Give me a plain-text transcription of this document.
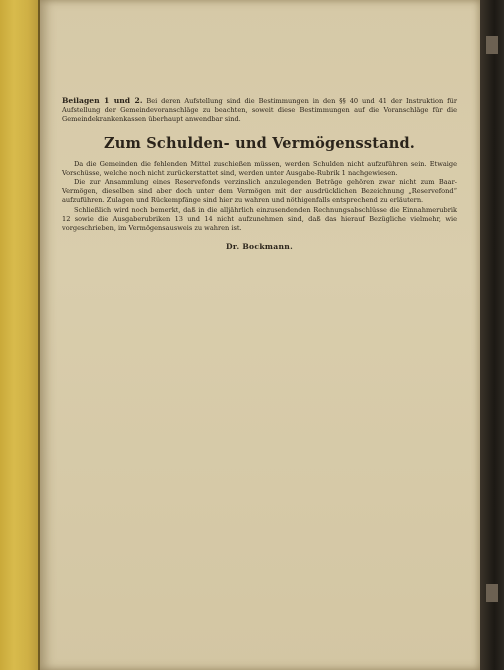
Beilagen 1 und 2. Bei deren Aufstellung sind die Bestimmungen in den §§ 40 und 41 der Instruktion für Aufstellung der Gemeindevoranschläge zu beachten, soweit diese Bestimmungen auf die Voranschläge für die Gemeindekrankenkassen überhaupt anwendbar sind.

Zum Schulden- und Vermögensstand.

Da die Gemeinden die fehlenden Mittel zuschießen müssen, werden Schulden nicht aufzuführen sein. Etwaige Vorschüsse, welche noch nicht zurückerstattet sind, werden unter Ausgabe-Rubrik 1 nachgewiesen.

Die zur Ansammlung eines Reservefonds verzinslich anzulegenden Beträge gehören zwar nicht zum Baar-Vermögen, dieselben sind aber doch unter dem Vermögen mit der ausdrücklichen Bezeichnung „Reservefond“ aufzuführen. Zulagen und Rückempfänge sind hier zu wahren und nöthigenfalls entsprechend zu erläutern.

Schließlich wird noch bemerkt, daß in die alljährlich einzusendenden Rechnungsabschlüsse die Einnahmerubrik 12 sowie die Ausgaberubriken 13 und 14 nicht aufzunehmen sind, daß das hierauf Bezügliche vielmehr, wie vorgeschrieben, im Vermögensausweis zu wahren ist.

Dr. Bockmann.
